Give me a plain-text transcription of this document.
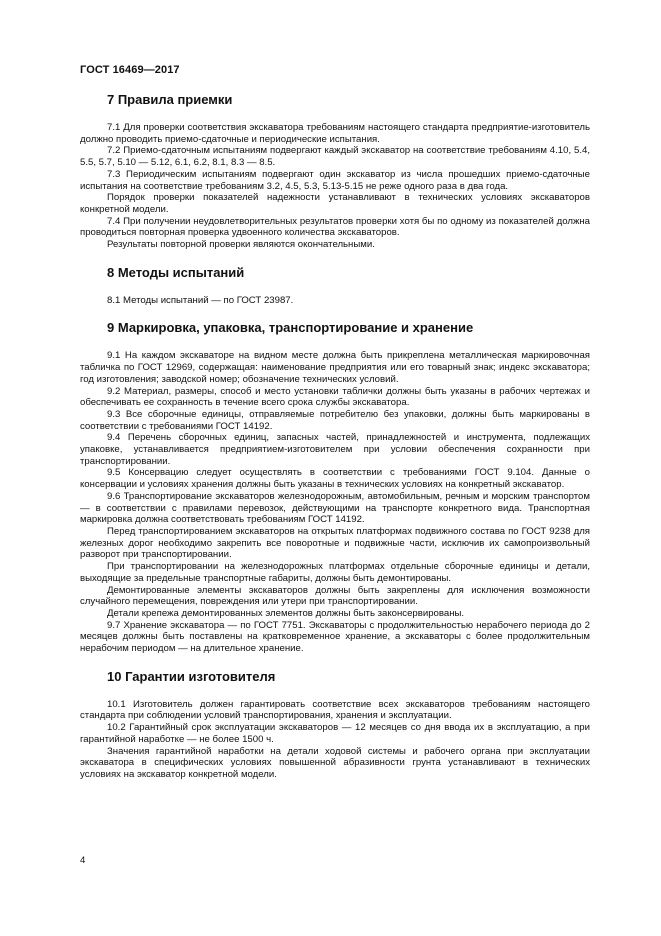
ГОСТ 16469—2017
7 Правила приемки

7.1 Для проверки соответствия экскаватора требованиям настоящего стандарта предприятие-изготовитель должно проводить приемо-сдаточные и периодические испытания.

7.2 Приемо-сдаточным испытаниям подвергают каждый экскаватор на соответствие требованиям 4.10, 5.4, 5.5, 5.7, 5.10 — 5.12, 6.1, 6.2, 8.1, 8.3 — 8.5.

7.3 Периодическим испытаниям подвергают один экскаватор из числа прошедших приемо-сдаточные испытания на соответствие требованиям 3.2, 4.5, 5.3, 5.13-5.15 не реже одного раза в два года.

Порядок проверки показателей надежности устанавливают в технических условиях экскаваторов конкретной модели.

7.4 При получении неудовлетворительных результатов проверки хотя бы по одному из показателей должна проводиться повторная проверка удвоенного количества экскаваторов.

Результаты повторной проверки являются окончательными.

8 Методы испытаний

8.1 Методы испытаний — по ГОСТ 23987.

9 Маркировка, упаковка, транспортирование и хранение

9.1 На каждом экскаваторе на видном месте должна быть прикреплена металлическая маркировочная табличка по ГОСТ 12969, содержащая: наименование предприятия или его товарный знак; индекс экскаватора; год изготовления; заводской номер; обозначение технических условий.

9.2 Материал, размеры, способ и место установки таблички должны быть указаны в рабочих чертежах и обеспечивать ее сохранность в течение всего срока службы экскаватора.

9.3 Все сборочные единицы, отправляемые потребителю без упаковки, должны быть маркированы в соответствии с требованиями ГОСТ 14192.

9.4 Перечень сборочных единиц, запасных частей, принадлежностей и инструмента, подлежащих упаковке, устанавливается предприятием-изготовителем при условии обеспечения сохранности при транспортировании.

9.5 Консервацию следует осуществлять в соответствии с требованиями ГОСТ 9.104. Данные о консервации и условиях хранения должны быть указаны в технических условиях на конкретный экскаватор.

9.6 Транспортирование экскаваторов железнодорожным, автомобильным, речным и морским транспортом — в соответствии с правилами перевозок, действующими на транспорте конкретного вида. Транспортная маркировка должна соответствовать требованиям ГОСТ 14192.

Перед транспортированием экскаваторов на открытых платформах подвижного состава по ГОСТ 9238 для железных дорог необходимо закрепить все поворотные и подвижные части, исключив их самопроизвольный разворот при транспортировании.

При транспортировании на железнодорожных платформах отдельные сборочные единицы и детали, выходящие за предельные транспортные габариты, должны быть демонтированы.

Демонтированные элементы экскаваторов должны быть закреплены для исключения возможности случайного перемещения, повреждения или утери при транспортировании.

Детали крепежа демонтированных элементов должны быть законсервированы.

9.7 Хранение экскаватора — по ГОСТ 7751. Экскаваторы с продолжительностью нерабочего периода до 2 месяцев должны быть поставлены на кратковременное хранение, а экскаваторы с более продолжительным нерабочим периодом — на длительное хранение.

10 Гарантии изготовителя

10.1 Изготовитель должен гарантировать соответствие всех экскаваторов требованиям настоящего стандарта при соблюдении условий транспортирования, хранения и эксплуатации.

10.2 Гарантийный срок эксплуатации экскаваторов — 12 месяцев со дня ввода их в эксплуатацию, а при гарантийной наработке — не более 1500 ч.

Значения гарантийной наработки на детали ходовой системы и рабочего органа при эксплуатации экскаватора в специфических условиях повышенной абразивности грунта устанавливают в технических условиях на экскаватор конкретной модели.

4
